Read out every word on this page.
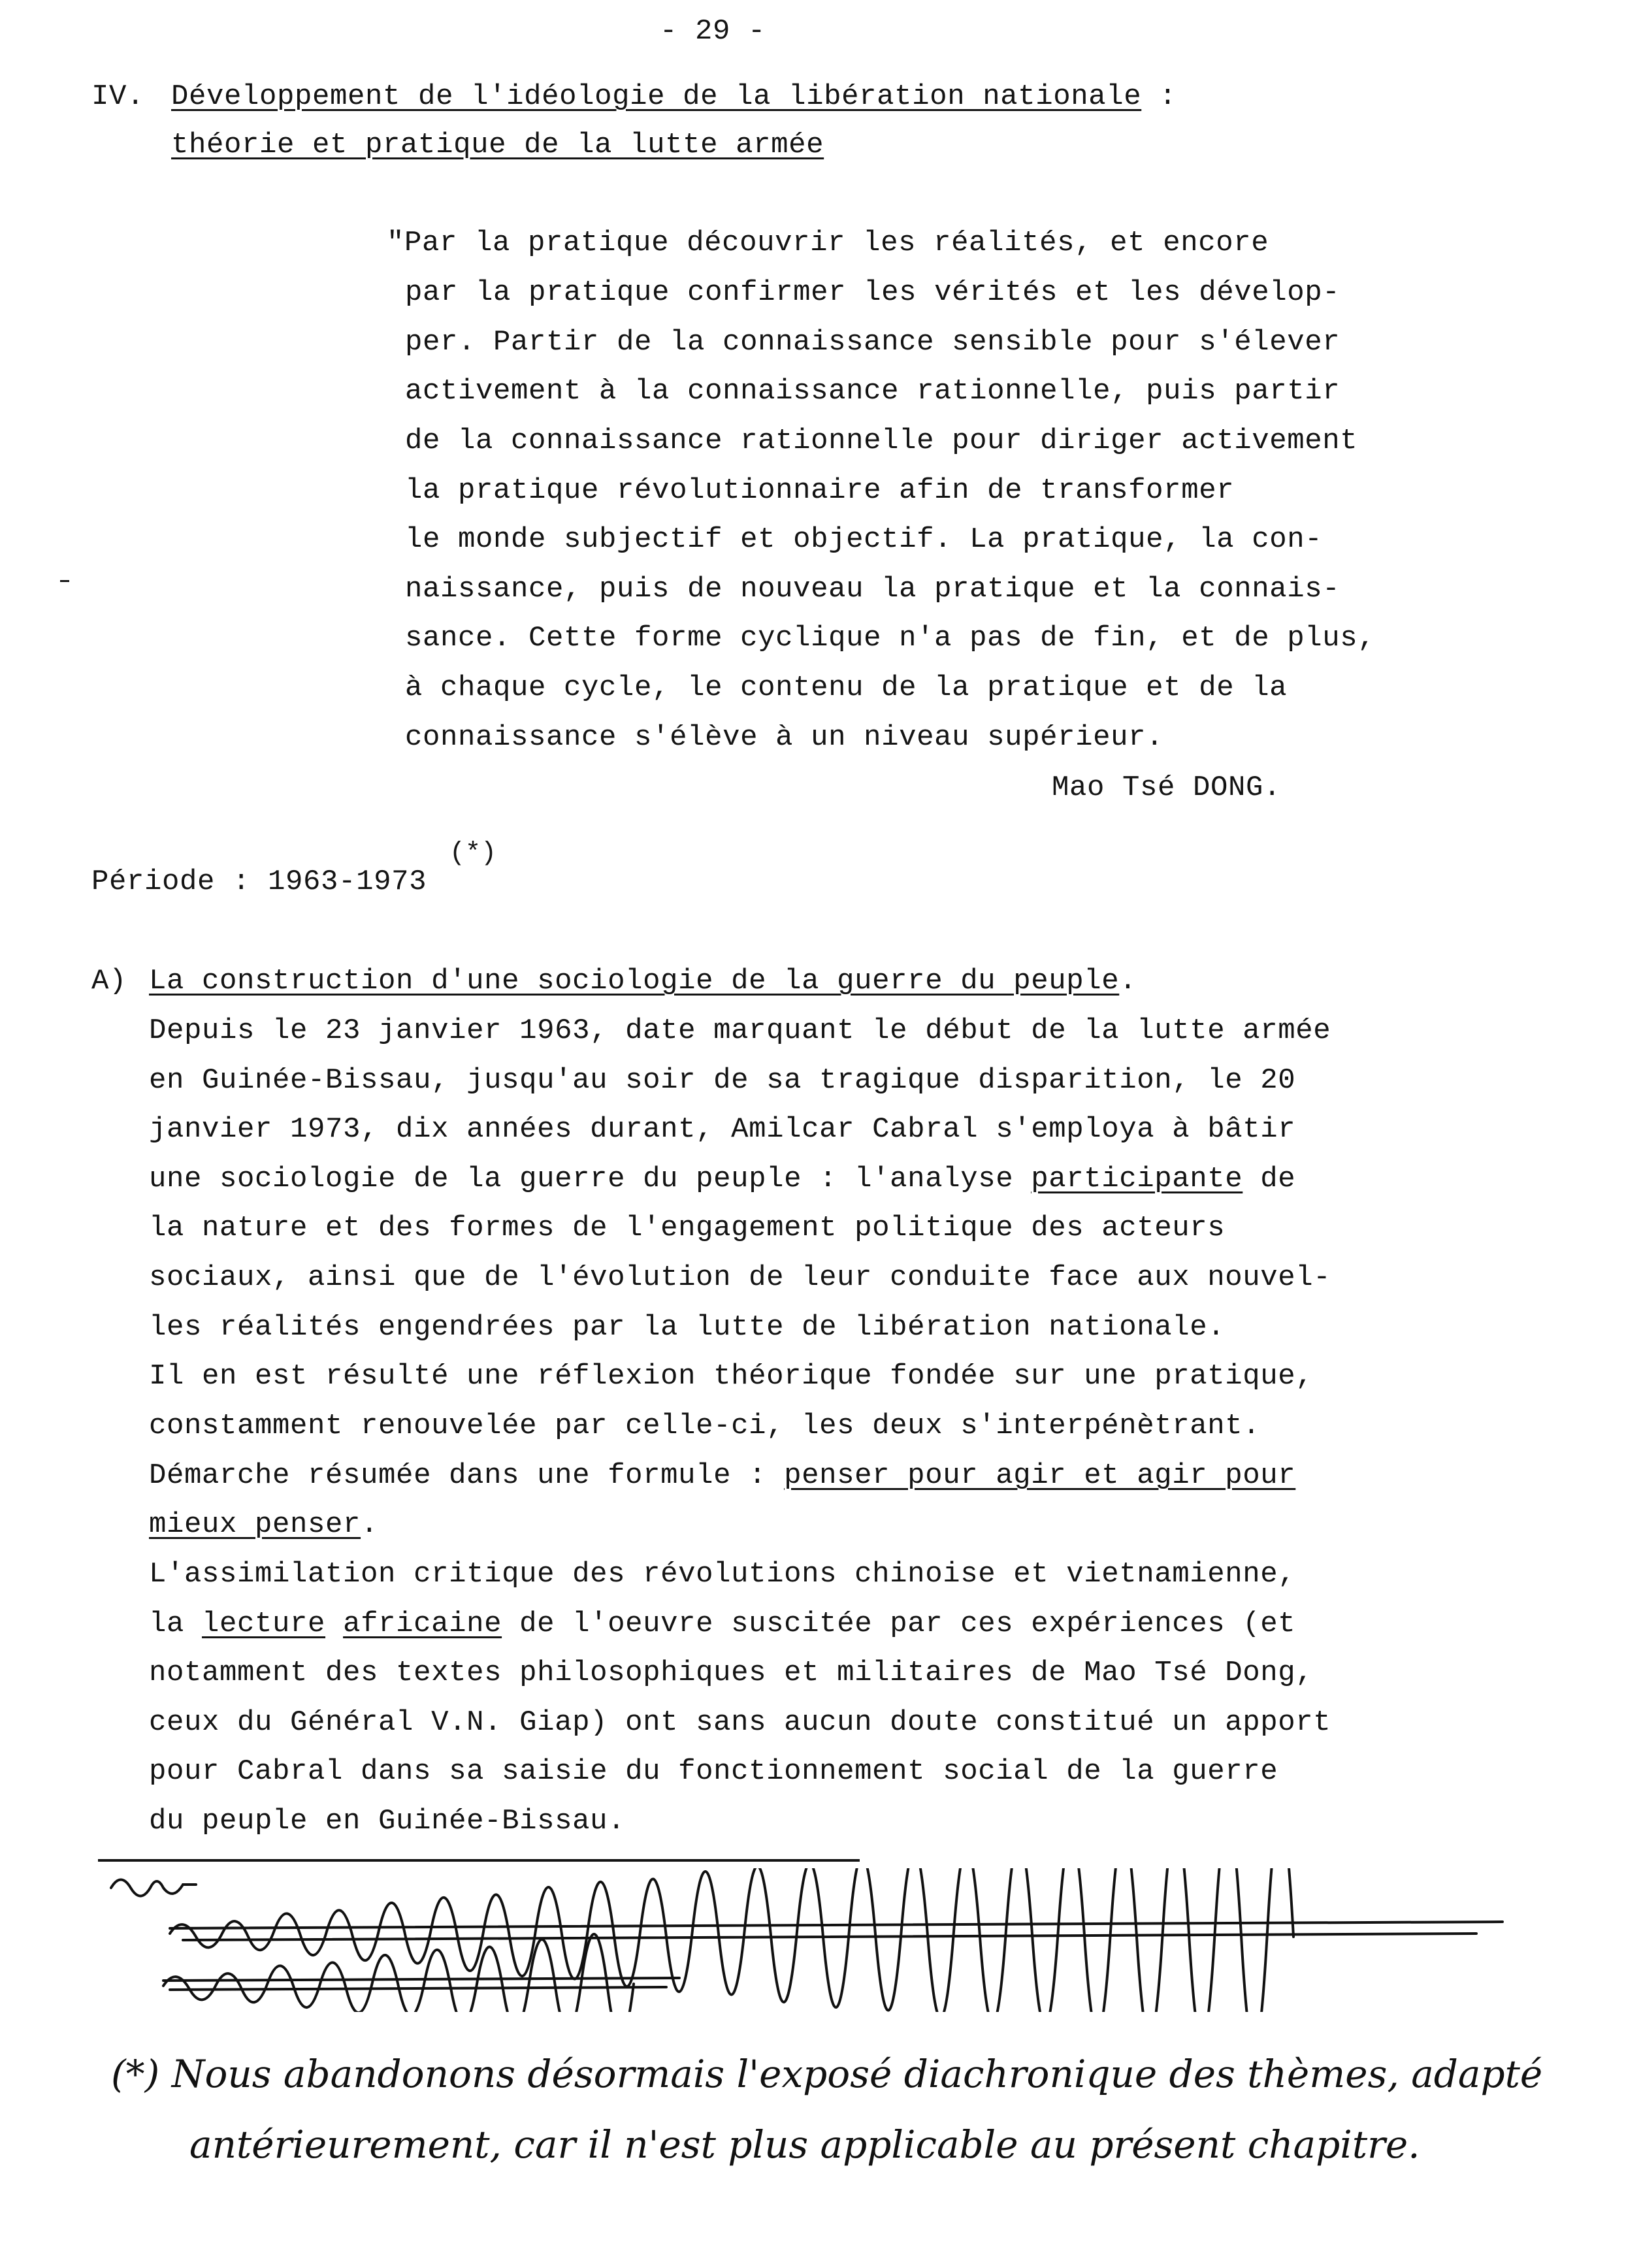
- 29 -
IV. Développement de l'idéologie de la libération nationale :
théorie et pratique de la lutte armée
"Par la pratique découvrir les réalités, et encore
par la pratique confirmer les vérités et les dévelop-
per. Partir de la connaissance sensible pour s'élever
activement à la connaissance rationnelle, puis partir
de la connaissance rationnelle pour diriger activement
la pratique révolutionnaire afin de transformer
le monde subjectif et objectif. La pratique, la con-
naissance, puis de nouveau la pratique et la connais-
sance. Cette forme cyclique n'a pas de fin, et de plus,
à chaque cycle, le contenu de la pratique et de la
connaissance s'élève à un niveau supérieur.
Mao Tsé DONG.
Période : 1963-1973
(*)
A) La construction d'une sociologie de la guerre du peuple.
Depuis le 23 janvier 1963, date marquant le début de la lutte armée
en Guinée-Bissau, jusqu'au soir de sa tragique disparition, le 20
janvier 1973, dix années durant, Amilcar Cabral s'employa à bâtir
une sociologie de la guerre du peuple : l'analyse participante de
la nature et des formes de l'engagement politique des acteurs
sociaux, ainsi que de l'évolution de leur conduite face aux nouvel-
les réalités engendrées par la lutte de libération nationale.
Il en est résulté une réflexion théorique fondée sur une pratique,
constamment renouvelée par celle-ci, les deux s'interpénètrant.
Démarche résumée dans une formule : penser pour agir et agir pour
mieux penser.
L'assimilation critique des révolutions chinoise et vietnamienne,
la lecture africaine de l'oeuvre suscitée par ces expériences (et
notamment des textes philosophiques et militaires de Mao Tsé Dong,
ceux du Général V.N. Giap) ont sans aucun doute constitué un apport
pour Cabral dans sa saisie du fonctionnement social de la guerre
du peuple en Guinée-Bissau.
(*) Nous abandonons désormais l'exposé diachronique des thèmes, adapté
antérieurement, car il n'est plus applicable au présent chapitre.
